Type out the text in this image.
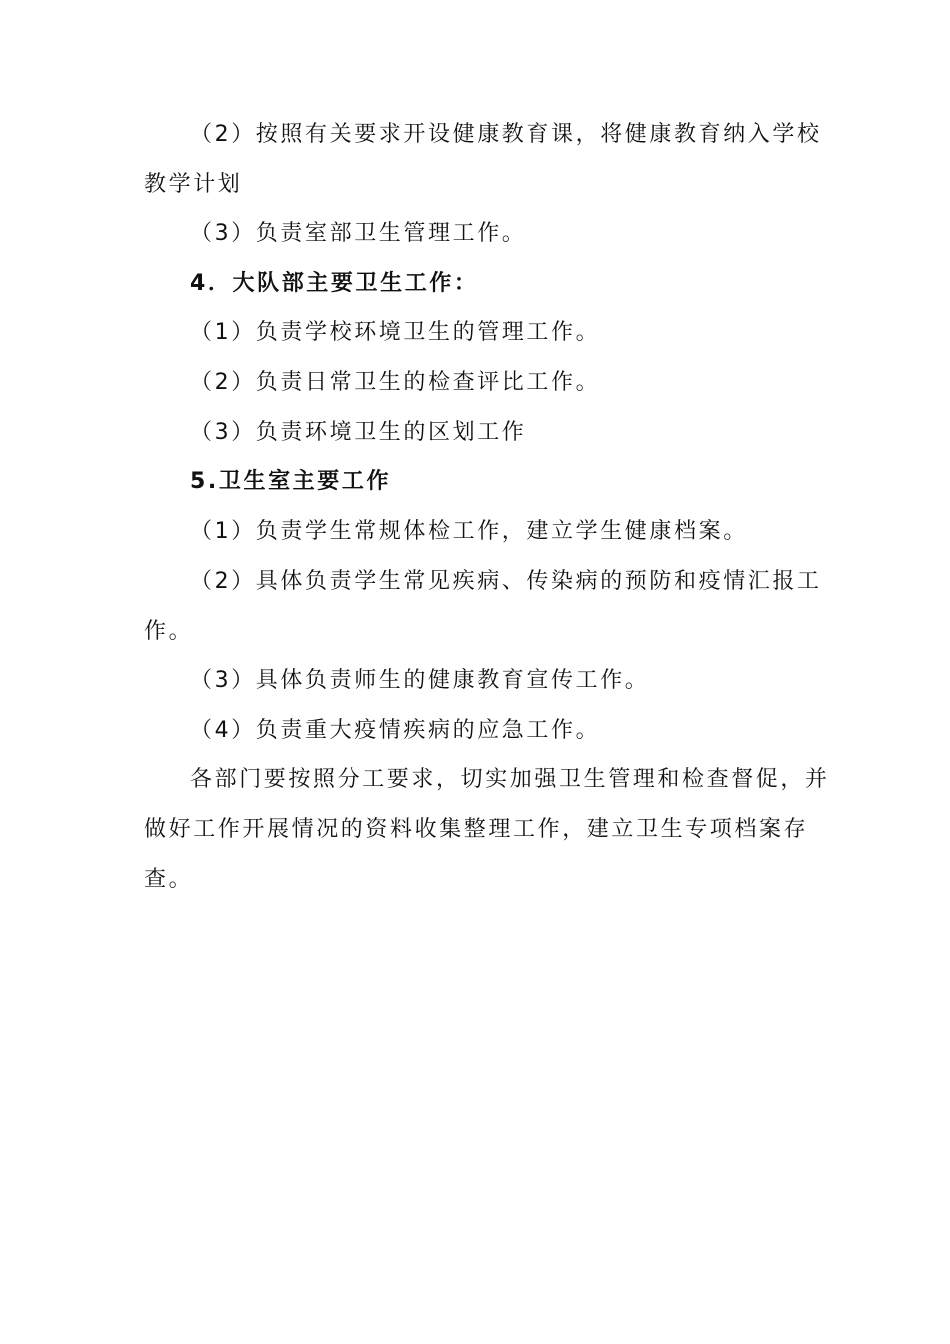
（2）按照有关要求开设健康教育课，将健康教育纳入学校
教学计划
（3）负责室部卫生管理工作。
4．大队部主要卫生工作：
（1）负责学校环境卫生的管理工作。
（2）负责日常卫生的检查评比工作。
（3）负责环境卫生的区划工作
5.卫生室主要工作
（1）负责学生常规体检工作，建立学生健康档案。
（2）具体负责学生常见疾病、传染病的预防和疫情汇报工
作。
（3）具体负责师生的健康教育宣传工作。
（4）负责重大疫情疾病的应急工作。
各部门要按照分工要求，切实加强卫生管理和检查督促，并
做好工作开展情况的资料收集整理工作，建立卫生专项档案存
查。
